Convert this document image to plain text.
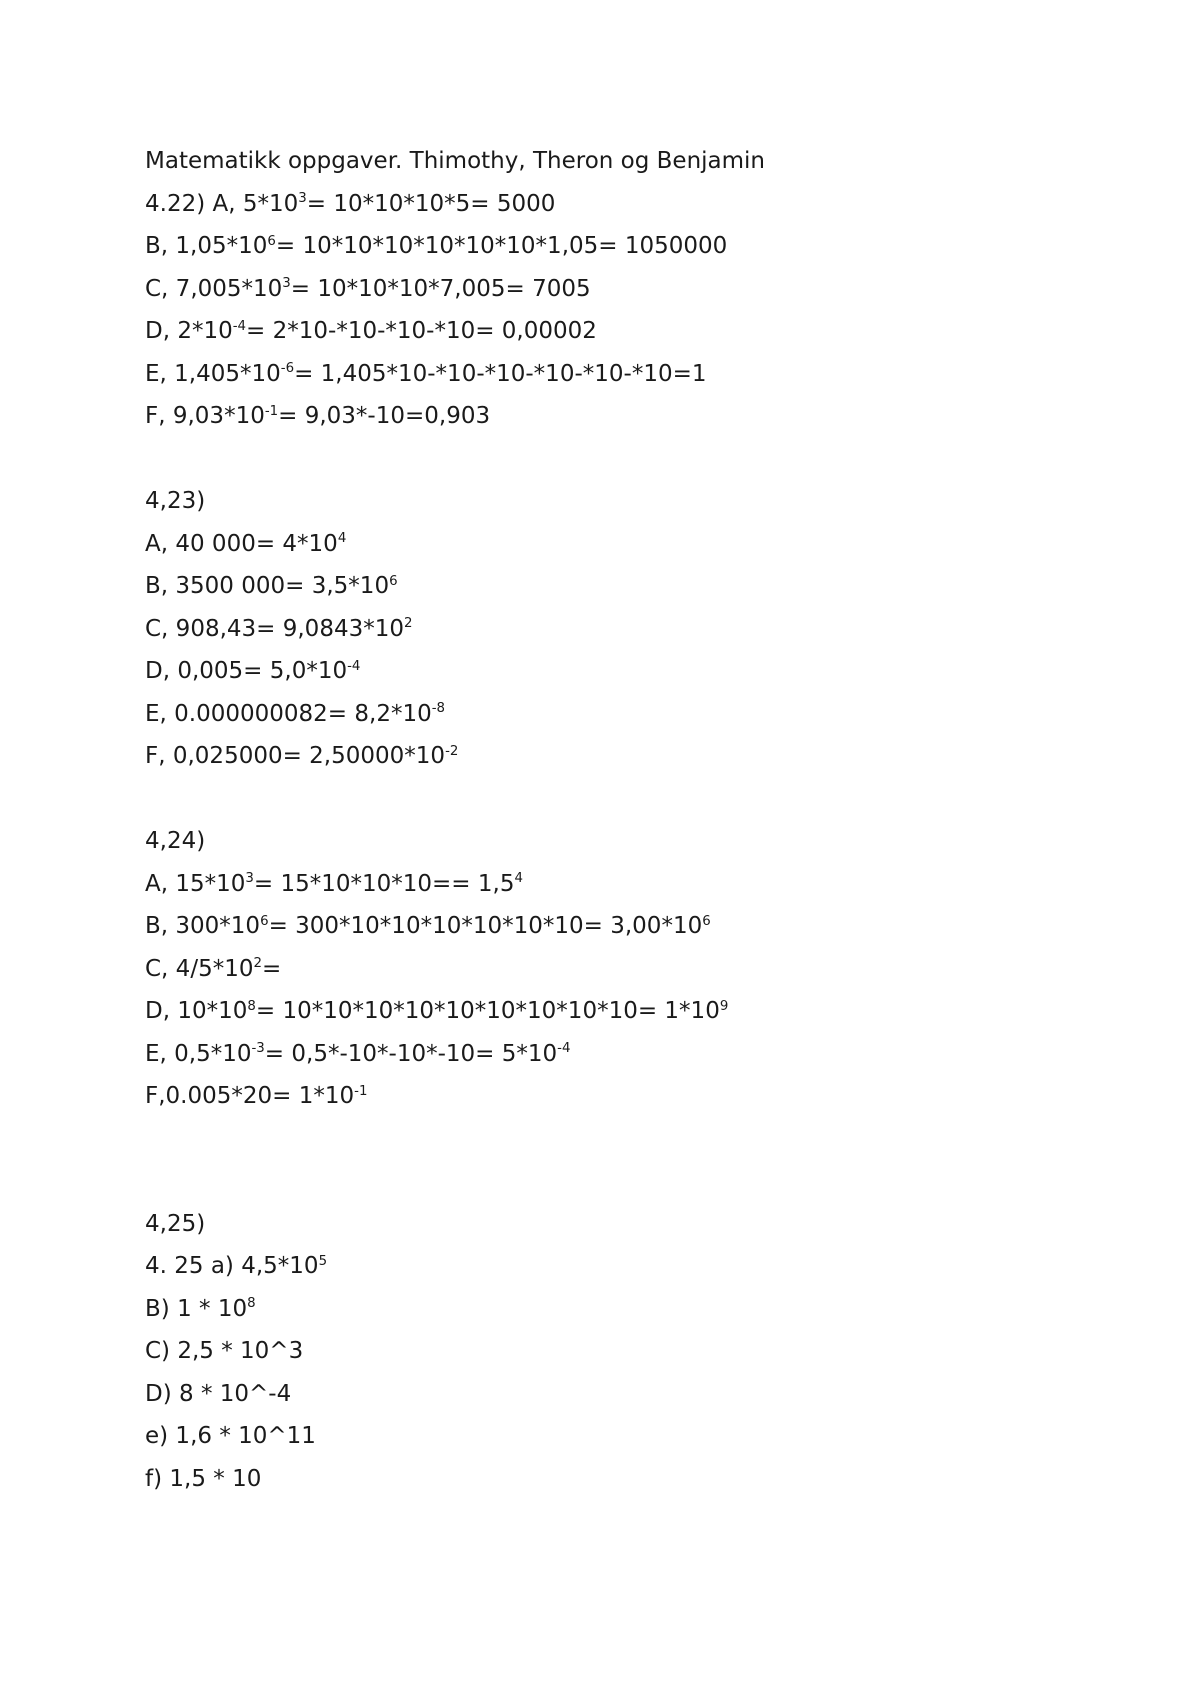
Matematikk oppgaver. Thimothy, Theron og Benjamin
4.22) A, $5*10^3= 10*10*10*5= 5000$
B, $1,05*10^6= 10*10*10*10*10*10*1,05= 1050000$
C, $7,005*10^3= 10*10*10*7,005= 7005$
D, $2*10^{-4}= 2*10-*10-*10-*10= 0,00002$
E, $1,405*10^{-6}= 1,405*10-*10-*10-*10-*10-*10=1$
F, $9,03*10^{-1}= 9,03*-10=0,903$
4,23)
A, 40 $000= 4*10^4$
B, 3500 $000= 3,5*10^6$
C, $908,43= 9,0843*10^2$
D, $0,005= 5,0*10^{-4}$
E, $0.000000082= 8,2*10^{-8}$
F, $0,025000= 2,50000*10^{-2}$
4,24)
A, $15*10^3= 15*10*10*10== 1,5^4$
B, $300*10^6= 300*10*10*10*10*10*10= 3,00*10^6$
C, $4/5*10^2=$
D, $10*10^8= 10*10*10*10*10*10*10*10*10= 1*10^9$
E, $0,5*10^{-3}= 0,5*-10*-10*-10= 5*10^{-4}$
$F,0.005*20= 1*10^{-1}$
4,25)
4. 25 a) $4,5*10^5$
B) $1 * 10^8$
C) 2,5 * 10^3
D) 8 * 10^-4
e) 1,6 * 10^11
f) 1,5 * 10
